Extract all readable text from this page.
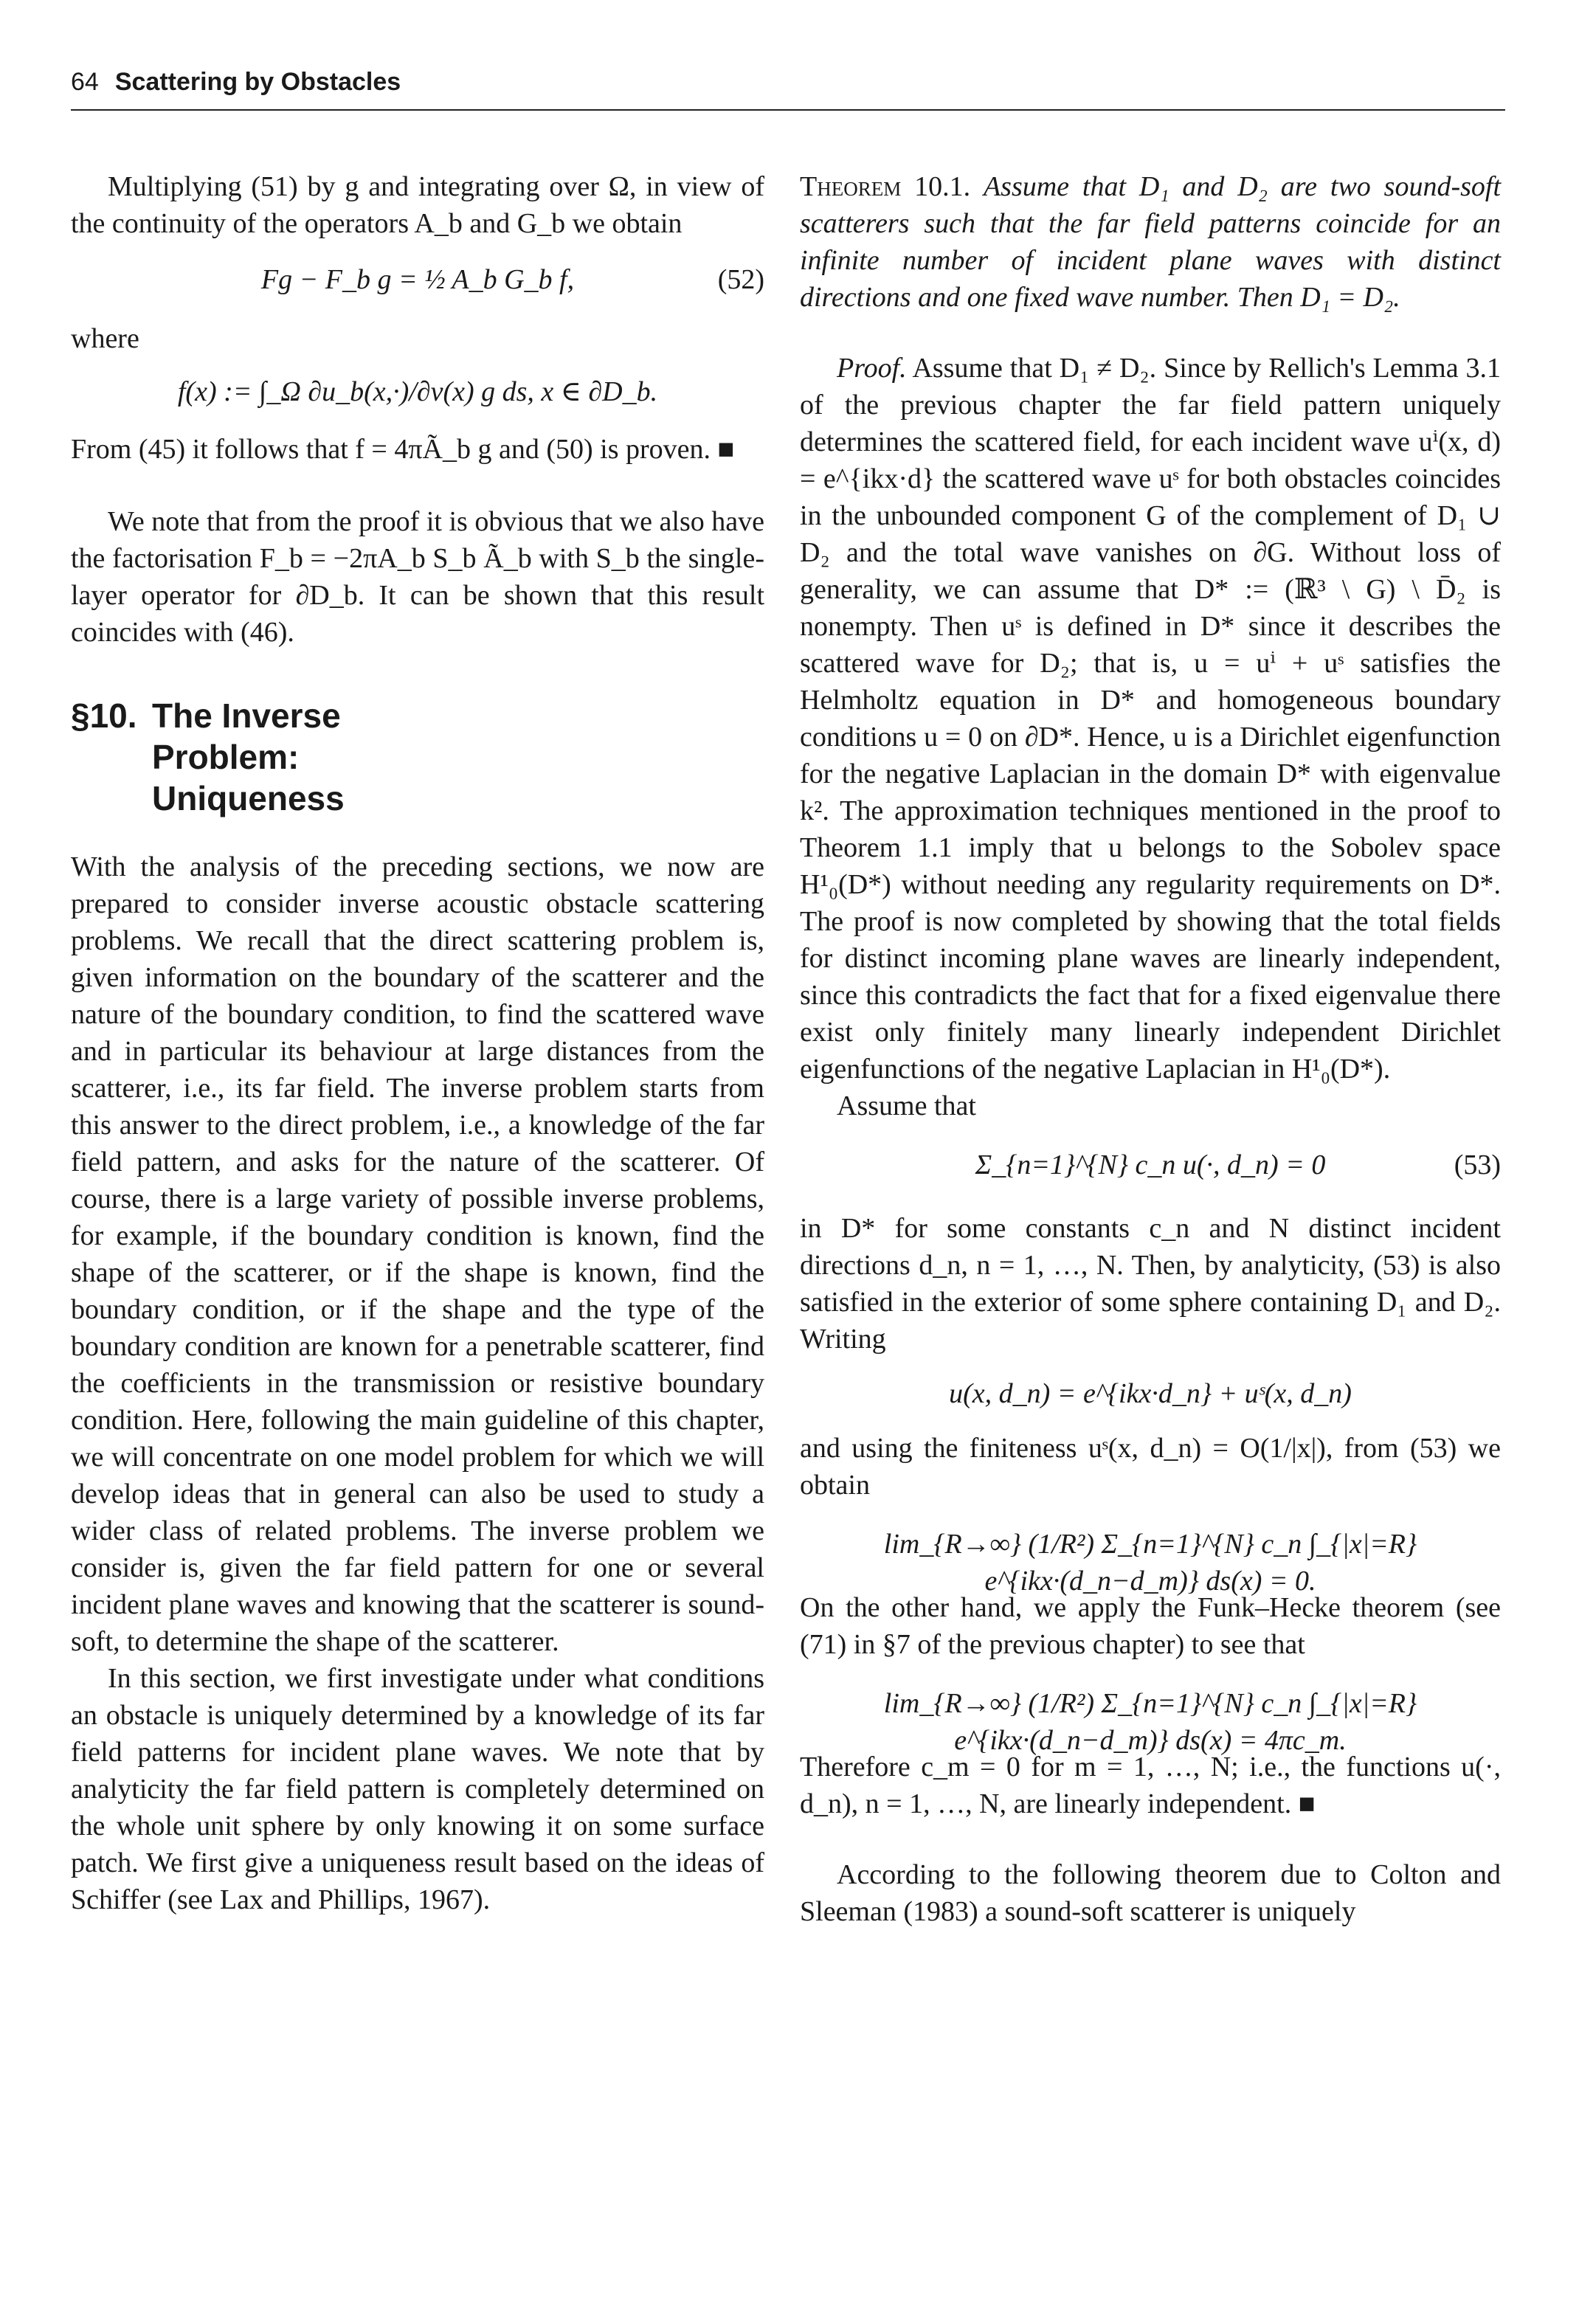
64 Scattering by Obstacles

Multiplying (51) by g and integrating over Ω, in view of the continuity of the operators A_b and G_b we obtain

Fg − F_b g = ½ A_b G_b f,	(52)

where

f(x) := ∫_Ω ∂u_b(x,·)/∂ν(x) g ds, x ∈ ∂D_b.

From (45) it follows that f = 4πÃ_b g and (50) is proven. ■

We note that from the proof it is obvious that we also have the factorisation F_b = −2πA_b S_b Ã_b with S_b the single-layer operator for ∂D_b. It can be shown that this result coincides with (46).

§10. The Inverse Problem: Uniqueness

With the analysis of the preceding sections, we now are prepared to consider inverse acoustic obstacle scattering problems. We recall that the direct scattering problem is, given information on the boundary of the scatterer and the nature of the boundary condition, to find the scattered wave and in particular its behaviour at large distances from the scatterer, i.e., its far field. The inverse problem starts from this answer to the direct problem, i.e., a knowledge of the far field pattern, and asks for the nature of the scatterer. Of course, there is a large variety of possible inverse problems, for example, if the boundary condition is known, find the shape of the scatterer, or if the shape is known, find the boundary condition, or if the shape and the type of the boundary condition are known for a penetrable scatterer, find the coefficients in the transmission or resistive boundary condition. Here, following the main guideline of this chapter, we will concentrate on one model problem for which we will develop ideas that in general can also be used to study a wider class of related problems. The inverse problem we consider is, given the far field pattern for one or several incident plane waves and knowing that the scatterer is sound-soft, to determine the shape of the scatterer.

In this section, we first investigate under what conditions an obstacle is uniquely determined by a knowledge of its far field patterns for incident plane waves. We note that by analyticity the far field pattern is completely determined on the whole unit sphere by only knowing it on some surface patch. We first give a uniqueness result based on the ideas of Schiffer (see Lax and Phillips, 1967).

Theorem 10.1. Assume that D₁ and D₂ are two sound-soft scatterers such that the far field patterns coincide for an infinite number of incident plane waves with distinct directions and one fixed wave number. Then D₁ = D₂.

Proof. Assume that D₁ ≠ D₂. Since by Rellich's Lemma 3.1 of the previous chapter the far field pattern uniquely determines the scattered field, for each incident wave uⁱ(x, d) = e^{ikx·d} the scattered wave uˢ for both obstacles coincides in the unbounded component G of the complement of D₁ ∪ D₂ and the total wave vanishes on ∂G. Without loss of generality, we can assume that D* := (ℝ³ \ G) \ D̄₂ is nonempty. Then uˢ is defined in D* since it describes the scattered wave for D₂; that is, u = uⁱ + uˢ satisfies the Helmholtz equation in D* and homogeneous boundary conditions u = 0 on ∂D*. Hence, u is a Dirichlet eigenfunction for the negative Laplacian in the domain D* with eigenvalue k². The approximation techniques mentioned in the proof to Theorem 1.1 imply that u belongs to the Sobolev space H¹₀(D*) without needing any regularity requirements on D*. The proof is now completed by showing that the total fields for distinct incoming plane waves are linearly independent, since this contradicts the fact that for a fixed eigenvalue there exist only finitely many linearly independent Dirichlet eigenfunctions of the negative Laplacian in H¹₀(D*).

Assume that

Σ_{n=1}^{N} c_n u(·, d_n) = 0	(53)

in D* for some constants c_n and N distinct incident directions d_n, n = 1, …, N. Then, by analyticity, (53) is also satisfied in the exterior of some sphere containing D₁ and D₂. Writing

u(x, d_n) = e^{ikx·d_n} + uˢ(x, d_n)

and using the finiteness uˢ(x, d_n) = O(1/|x|), from (53) we obtain

lim_{R→∞} (1/R²) Σ_{n=1}^{N} c_n ∫_{|x|=R} e^{ikx·(d_n−d_m)} ds(x) = 0.

On the other hand, we apply the Funk–Hecke theorem (see (71) in §7 of the previous chapter) to see that

lim_{R→∞} (1/R²) Σ_{n=1}^{N} c_n ∫_{|x|=R} e^{ikx·(d_n−d_m)} ds(x) = 4πc_m.

Therefore c_m = 0 for m = 1, …, N; i.e., the functions u(·, d_n), n = 1, …, N, are linearly independent. ■

According to the following theorem due to Colton and Sleeman (1983) a sound-soft scatterer is uniquely
